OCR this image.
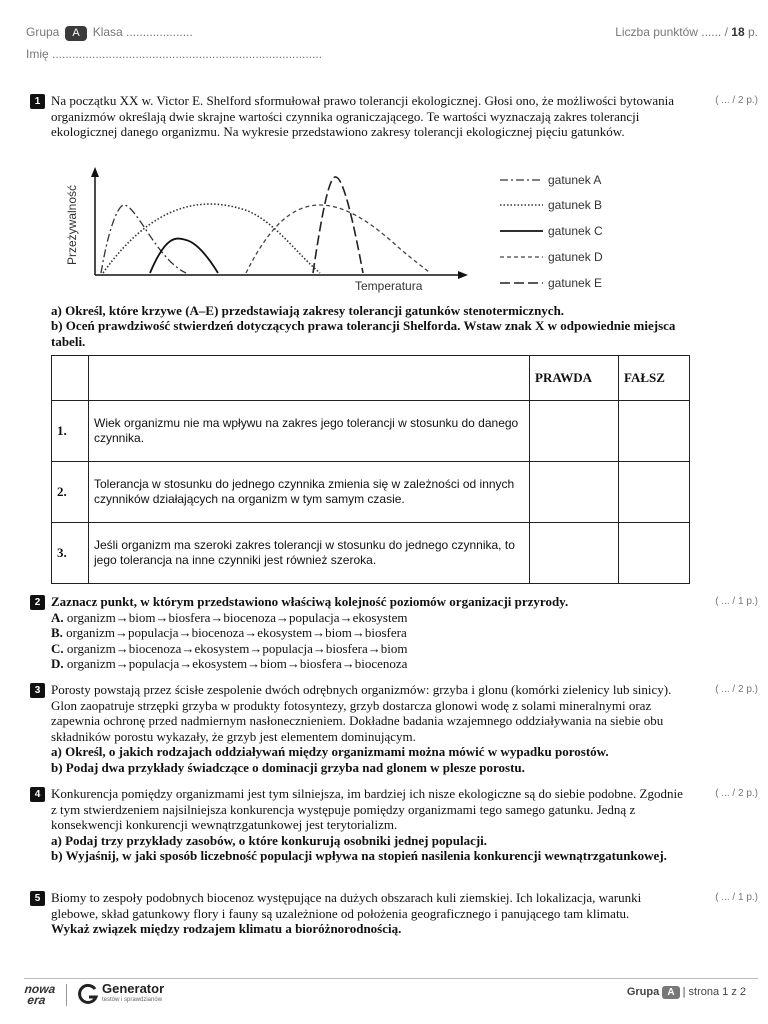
Grupa A Klasa ....................
Imię .................................................................................
Liczba punktów ...... / 18 p.
1	( ... / 2 p.)
Na początku XX w. Victor E. Shelford sformułował prawo tolerancji ekologicznej. Głosi ono, że możliwości bytowania organizmów określają dwie skrajne wartości czynnika ograniczającego. Te wartości wyznaczają zakres tolerancji ekologicznej danego organizmu. Na wykresie przedstawiono zakresy tolerancji ekologicznej pięciu gatunków.
Przeżywalność
Temperatura
gatunek A
gatunek B
gatunek C
gatunek D
gatunek E
a) Określ, które krzywe (A–E) przedstawiają zakresy tolerancji gatunków stenotermicznych.
b) Oceń prawdziwość stwierdzeń dotyczących prawa tolerancji Shelforda. Wstaw znak X w odpowiednie miejsca tabeli.
		PRAWDA	FAŁSZ
1.	Wiek organizmu nie ma wpływu na zakres jego tolerancji w stosunku do danego czynnika.		
2.	Tolerancja w stosunku do jednego czynnika zmienia się w zależności od innych czynników działających na organizm w tym samym czasie.		
3.	Jeśli organizm ma szeroki zakres tolerancji w stosunku do jednego czynnika, to jego tolerancja na inne czynniki jest również szeroka.		
2	( ... / 1 p.)
Zaznacz punkt, w którym przedstawiono właściwą kolejność poziomów organizacji przyrody.
A. organizm→biom→biosfera→biocenoza→populacja→ekosystem
B. organizm→populacja→biocenoza→ekosystem→biom→biosfera
C. organizm→biocenoza→ekosystem→populacja→biosfera→biom
D. organizm→populacja→ekosystem→biom→biosfera→biocenoza
3	( ... / 2 p.)
Porosty powstają przez ścisłe zespolenie dwóch odrębnych organizmów: grzyba i glonu (komórki zielenicy lub sinicy). Glon zaopatruje strzępki grzyba w produkty fotosyntezy, grzyb dostarcza glonowi wodę z solami mineralnymi oraz zapewnia ochronę przed nadmiernym nasłonecznieniem. Dokładne badania wzajemnego oddziaływania na siebie obu składników porostu wykazały, że grzyb jest elementem dominującym.
a) Określ, o jakich rodzajach oddziaływań między organizmami można mówić w wypadku porostów.
b) Podaj dwa przykłady świadczące o dominacji grzyba nad glonem w plesze porostu.
4	( ... / 2 p.)
Konkurencja pomiędzy organizmami jest tym silniejsza, im bardziej ich nisze ekologiczne są do siebie podobne. Zgodnie z tym stwierdzeniem najsilniejsza konkurencja występuje pomiędzy organizmami tego samego gatunku. Jedną z konsekwencji konkurencji wewnątrzgatunkowej jest terytorializm.
a) Podaj trzy przykłady zasobów, o które konkurują osobniki jednej populacji.
b) Wyjaśnij, w jaki sposób liczebność populacji wpływa na stopień nasilenia konkurencji wewnątrzgatunkowej.
5	( ... / 1 p.)
Biomy to zespoły podobnych biocenoz występujące na dużych obszarach kuli ziemskiej. Ich lokalizacja, warunki glebowe, skład gatunkowy flory i fauny są uzależnione od położenia geograficznego i panującego tam klimatu.
Wykaż związek między rodzajem klimatu a bioróżnorodnością.
nowa
era
Generator
testów i sprawdzianów
Grupa A | strona 1 z 2
